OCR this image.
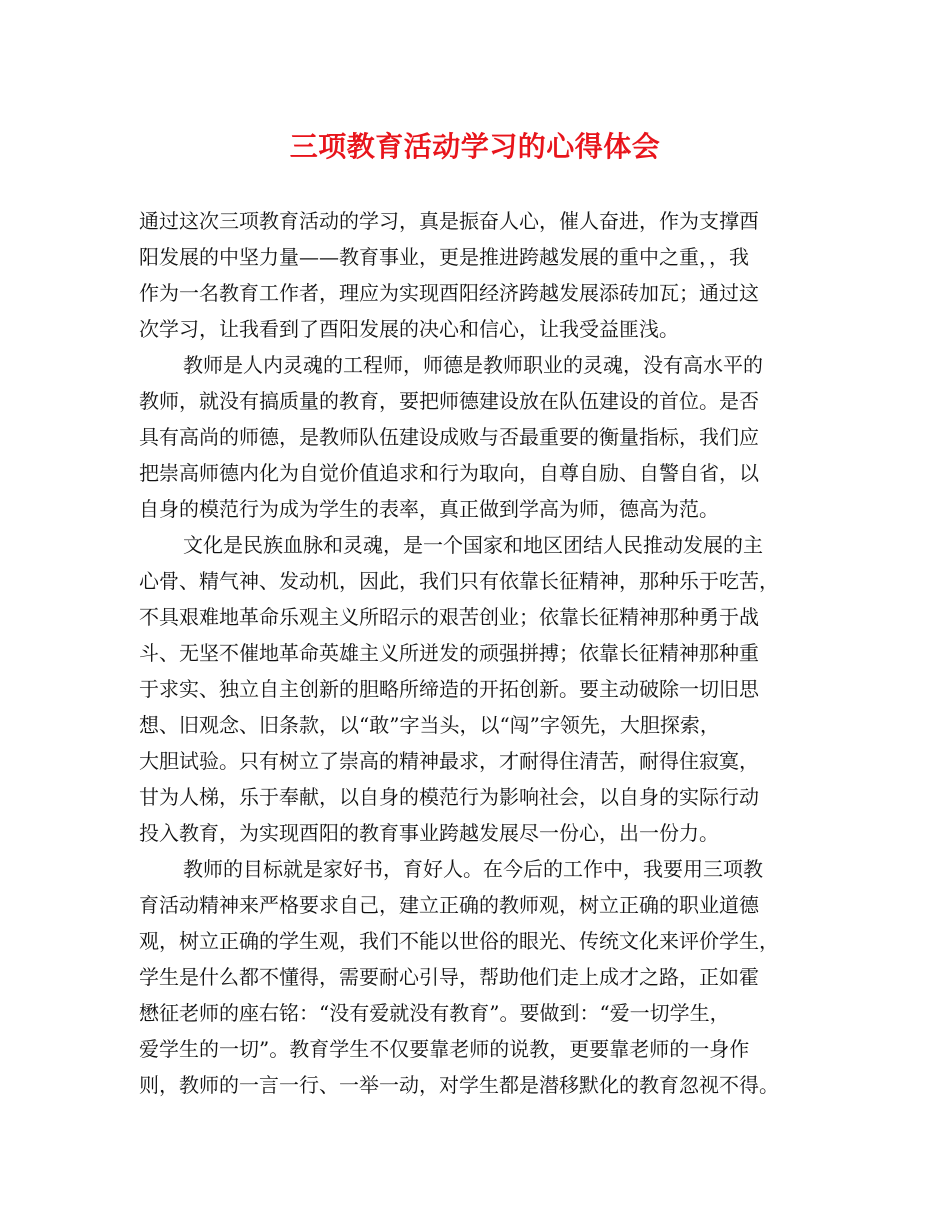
三项教育活动学习的心得体会
通过这次三项教育活动的学习，真是振奋人心，催人奋进，作为支撑酉
阳发展的中坚力量——教育事业，更是推进跨越发展的重中之重，，我
作为一名教育工作者，理应为实现酉阳经济跨越发展添砖加瓦；通过这
次学习，让我看到了酉阳发展的决心和信心，让我受益匪浅。
教师是人内灵魂的工程师，师德是教师职业的灵魂，没有高水平的
教师，就没有搞质量的教育，要把师德建设放在队伍建设的首位。是否
具有高尚的师德，是教师队伍建设成败与否最重要的衡量指标，我们应
把崇高师德内化为自觉价值追求和行为取向，自尊自励、自警自省，以
自身的模范行为成为学生的表率，真正做到学高为师，德高为范。
文化是民族血脉和灵魂，是一个国家和地区团结人民推动发展的主
心骨、精气神、发动机，因此，我们只有依靠长征精神，那种乐于吃苦，
不具艰难地革命乐观主义所昭示的艰苦创业；依靠长征精神那种勇于战
斗、无坚不催地革命英雄主义所迸发的顽强拼搏；依靠长征精神那种重
于求实、独立自主创新的胆略所缔造的开拓创新。要主动破除一切旧思
想、旧观念、旧条款，以“敢”字当头，以“闯”字领先，大胆探索，
大胆试验。只有树立了崇高的精神最求，才耐得住清苦，耐得住寂寞，
甘为人梯，乐于奉献，以自身的模范行为影响社会，以自身的实际行动
投入教育，为实现酉阳的教育事业跨越发展尽一份心，出一份力。
教师的目标就是家好书，育好人。在今后的工作中，我要用三项教
育活动精神来严格要求自己，建立正确的教师观，树立正确的职业道德
观，树立正确的学生观，我们不能以世俗的眼光、传统文化来评价学生，
学生是什么都不懂得，需要耐心引导，帮助他们走上成才之路，正如霍
懋征老师的座右铭：“没有爱就没有教育”。要做到：“爱一切学生，
爱学生的一切”。教育学生不仅要靠老师的说教，更要靠老师的一身作
则，教师的一言一行、一举一动，对学生都是潜移默化的教育忽视不得。
